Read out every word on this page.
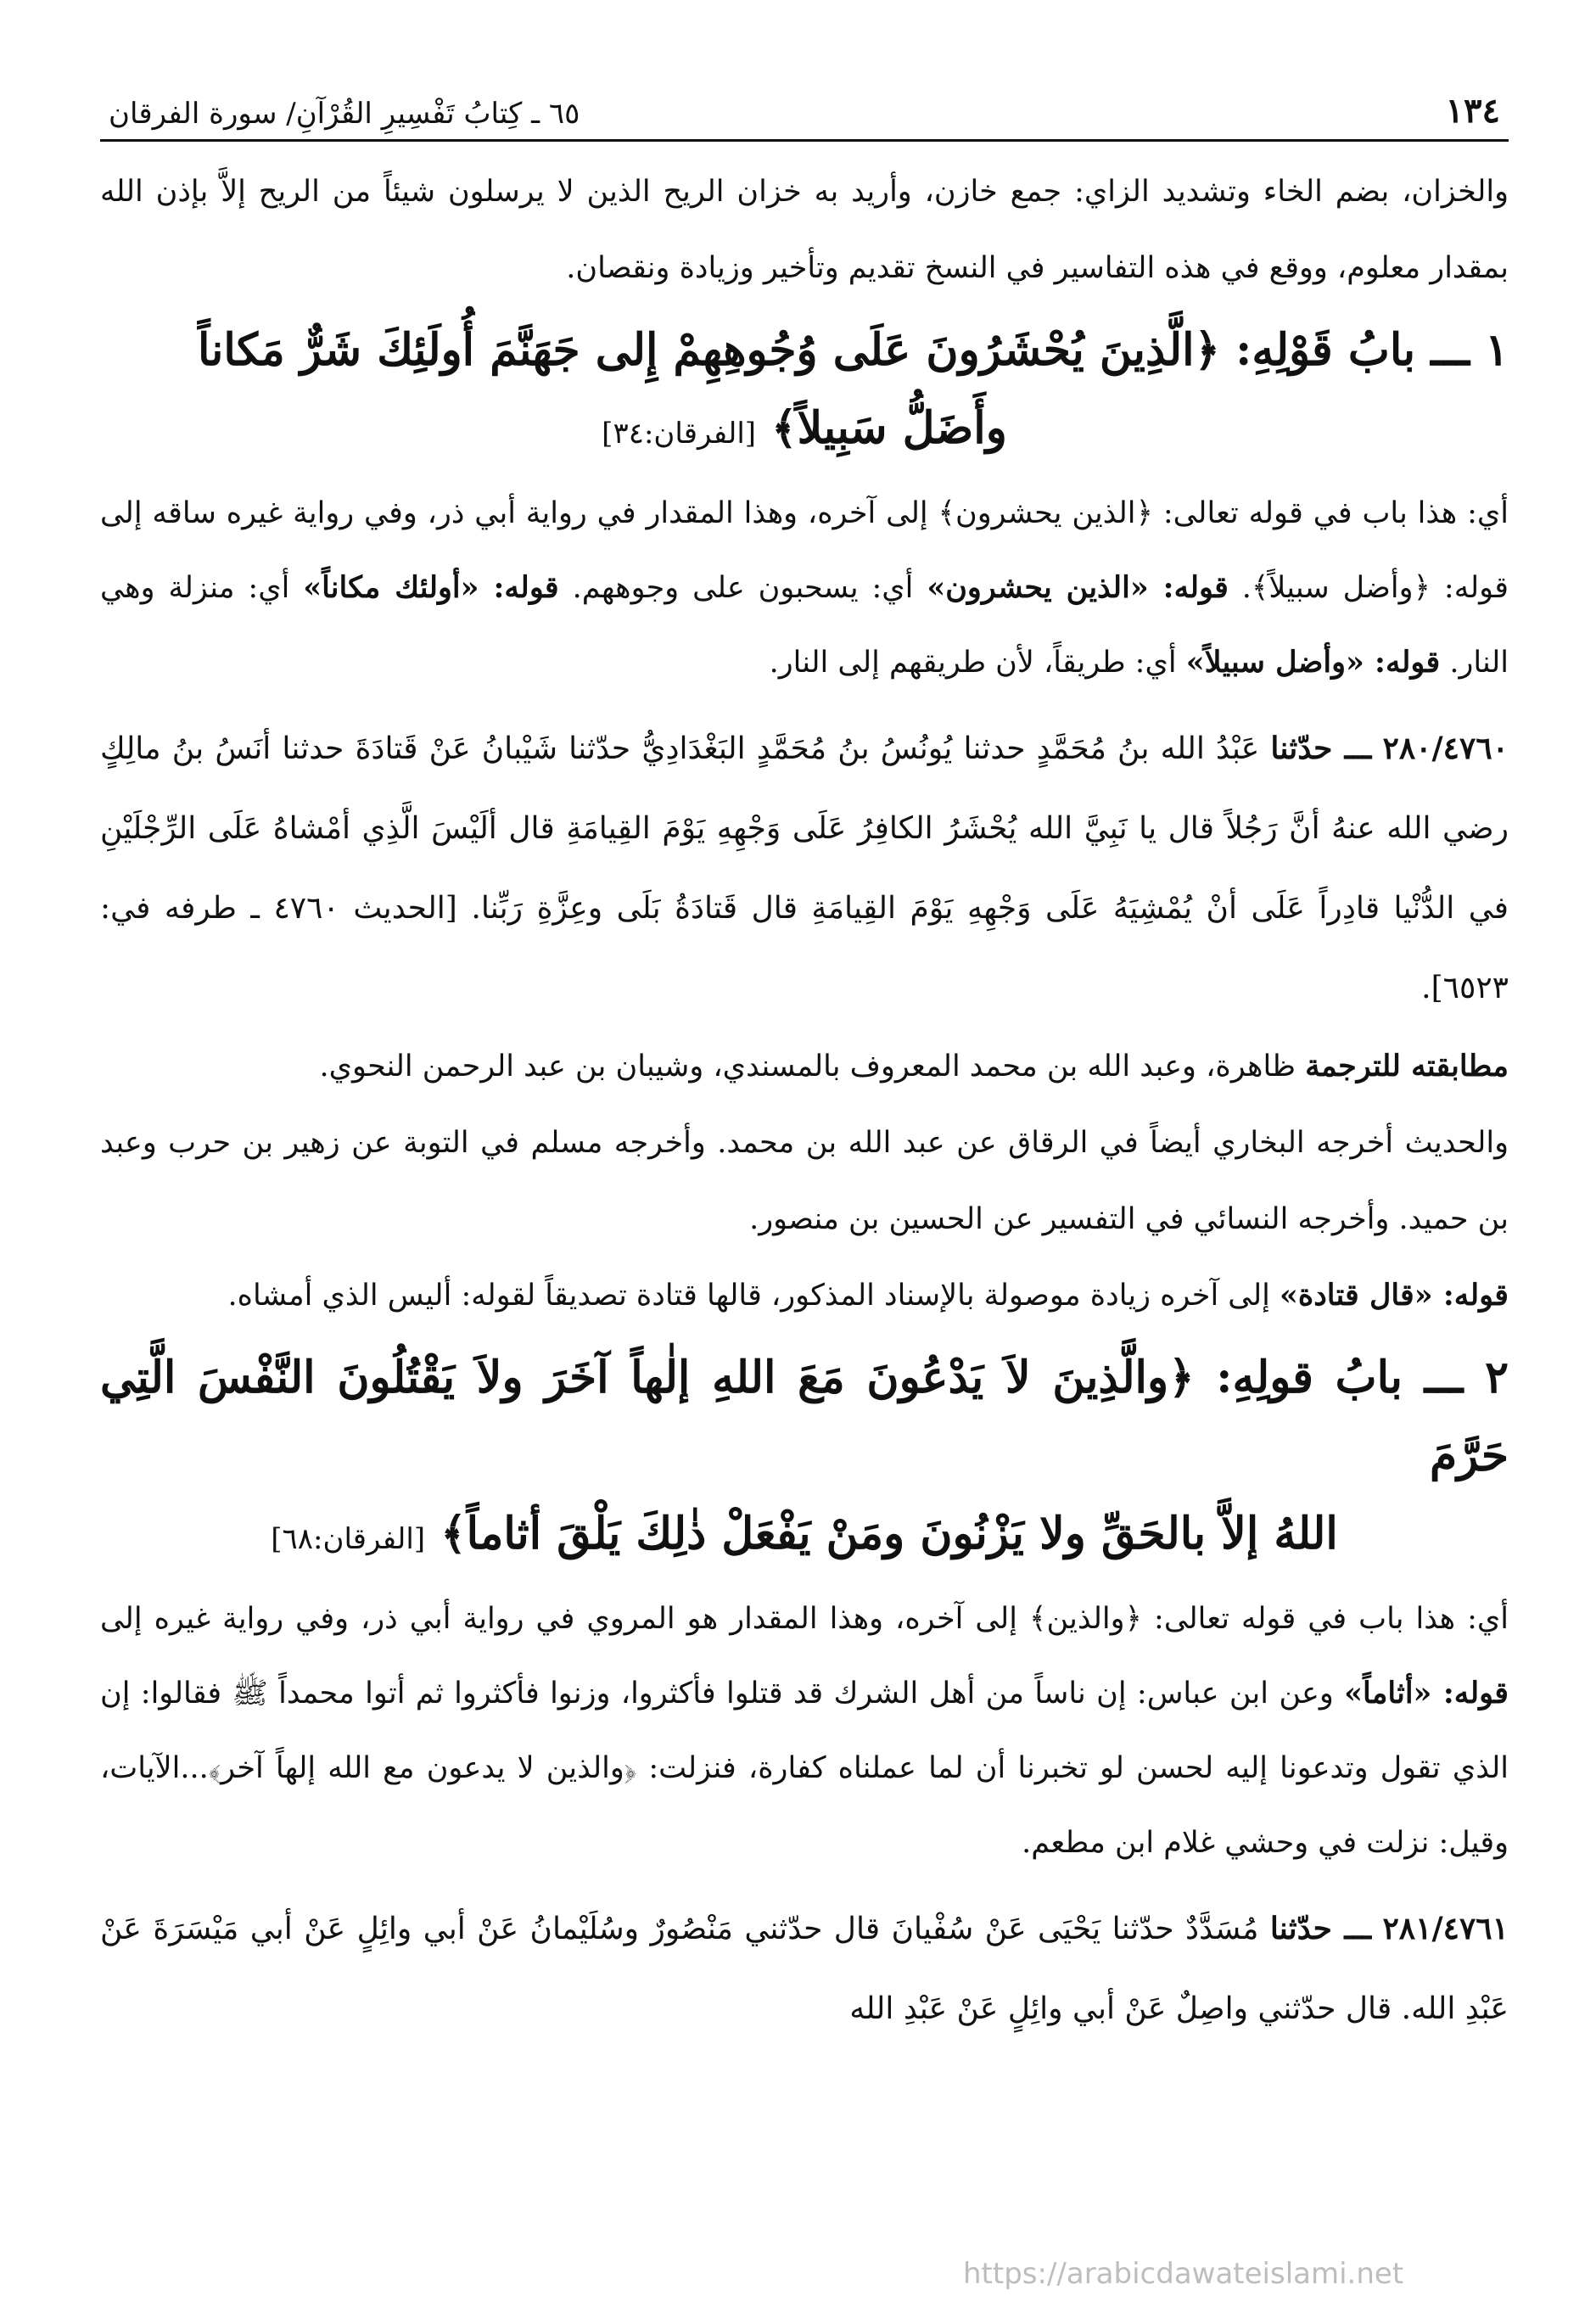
١٣٤
٦٥ ـ كِتابُ تَفْسِيرِ القُرْآنِ/ سورة الفرقان

والخزان، بضم الخاء وتشديد الزاي: جمع خازن، وأريد به خزان الريح الذين لا يرسلون شيئاً من الريح إلاَّ بإذن الله بمقدار معلوم، ووقع في هذه التفاسير في النسخ تقديم وتأخير وزيادة ونقصان.

١ ـــ بابُ قَوْلِهِ: ﴿الَّذِينَ يُحْشَرُونَ عَلَى وُجُوهِهِمْ إِلى جَهَنَّمَ أُولَئِكَ شَرٌّ مَكاناً
وأَضَلُّ سَبِيلاً﴾ [الفرقان:٣٤]

أي: هذا باب في قوله تعالى: ﴿الذين يحشرون﴾ إلى آخره، وهذا المقدار في رواية أبي ذر، وفي رواية غيره ساقه إلى قوله: ﴿وأضل سبيلاً﴾. قوله: «الذين يحشرون» أي: يسحبون على وجوههم. قوله: «أولئك مكاناً» أي: منزلة وهي النار. قوله: «وأضل سبيلاً» أي: طريقاً، لأن طريقهم إلى النار.

٢٨٠/٤٧٦٠ ـــ حدّثنا عَبْدُ الله بنُ مُحَمَّدٍ حدثنا يُونُسُ بنُ مُحَمَّدٍ البَغْدَادِيُّ حدّثنا شَيْبانُ عَنْ قَتادَةَ حدثنا أنَسُ بنُ مالِكٍ رضي الله عنهُ أنَّ رَجُلاً قال يا نَبِيَّ الله يُحْشَرُ الكافِرُ عَلَى وَجْهِهِ يَوْمَ القِيامَةِ قال ألَيْسَ الَّذِي أمْشاهُ عَلَى الرِّجْلَيْنِ في الدُّنْيا قادِراً عَلَى أنْ يُمْشِيَهُ عَلَى وَجْهِهِ يَوْمَ القِيامَةِ قال قَتادَةُ بَلَى وعِزَّةِ رَبِّنا. [الحديث ٤٧٦٠ ـ طرفه في: ٦٥٢٣].

مطابقته للترجمة ظاهرة، وعبد الله بن محمد المعروف بالمسندي، وشيبان بن عبد الرحمن النحوي.

والحديث أخرجه البخاري أيضاً في الرقاق عن عبد الله بن محمد. وأخرجه مسلم في التوبة عن زهير بن حرب وعبد بن حميد. وأخرجه النسائي في التفسير عن الحسين بن منصور.

قوله: «قال قتادة» إلى آخره زيادة موصولة بالإسناد المذكور، قالها قتادة تصديقاً لقوله: أليس الذي أمشاه.

٢ ـــ بابُ قولِهِ: ﴿والَّذِينَ لاَ يَدْعُونَ مَعَ اللهِ إلٰهاً آخَرَ ولاَ يَقْتُلُونَ النَّفْسَ الَّتِي حَرَّمَ
اللهُ إلاَّ بالحَقِّ ولا يَزْنُونَ ومَنْ يَفْعَلْ ذٰلِكَ يَلْقَ أثاماً﴾ [الفرقان:٦٨]

أي: هذا باب في قوله تعالى: ﴿والذين﴾ إلى آخره، وهذا المقدار هو المروي في رواية أبي ذر، وفي رواية غيره إلى قوله: «أثاماً» وعن ابن عباس: إن ناساً من أهل الشرك قد قتلوا فأكثروا، وزنوا فأكثروا ثم أتوا محمداً ﷺ فقالوا: إن الذي تقول وتدعونا إليه لحسن لو تخبرنا أن لما عملناه كفارة، فنزلت: ﴿والذين لا يدعون مع الله إلهاً آخر﴾...الآيات، وقيل: نزلت في وحشي غلام ابن مطعم.

٢٨١/٤٧٦١ ـــ حدّثنا مُسَدَّدٌ حدّثنا يَحْيَى عَنْ سُفْيانَ قال حدّثني مَنْصُورٌ وسُلَيْمانُ عَنْ أبي وائِلٍ عَنْ أبي مَيْسَرَةَ عَنْ عَبْدِ الله. قال حدّثني واصِلٌ عَنْ أبي وائِلٍ عَنْ عَبْدِ الله

https://arabicdawateislami.net
